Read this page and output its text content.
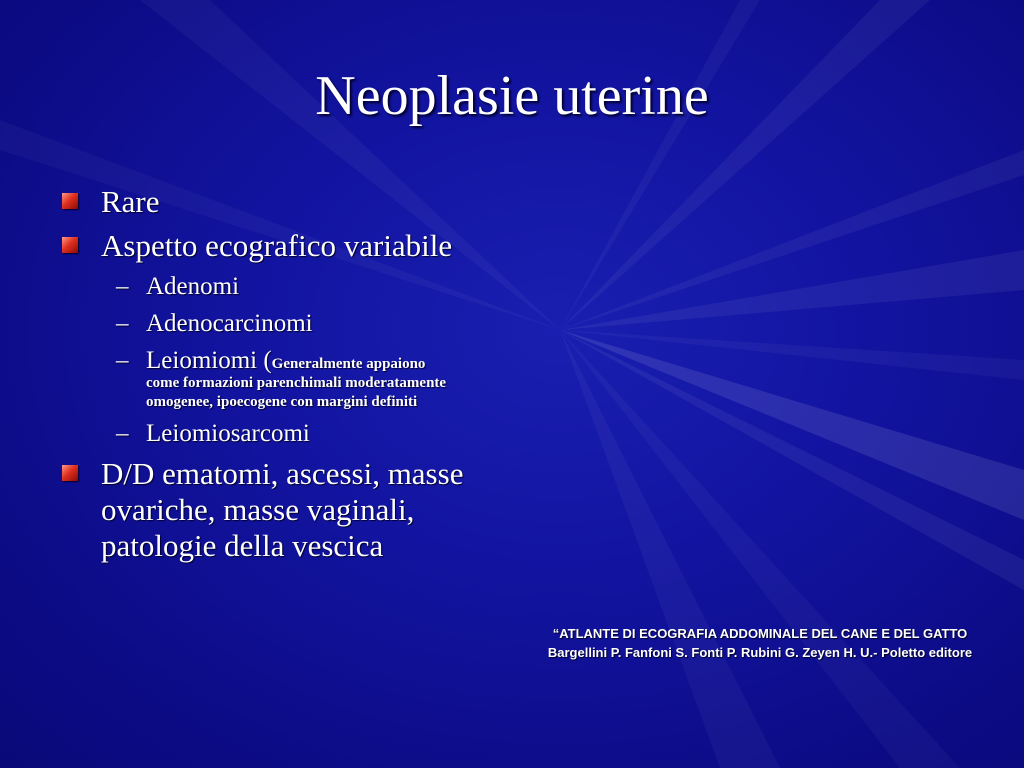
Neoplasie uterine
Rare
Aspetto ecografico variabile
– Adenomi
– Adenocarcinomi
– Leiomiomi (Generalmente appaiono
come formazioni parenchimali moderatamente omogenee, ipoecogene con margini definiti
– Leiomiosarcomi
D/D ematomi, ascessi, masse ovariche, masse vaginali, patologie della vescica
“ATLANTE DI ECOGRAFIA ADDOMINALE DEL CANE E DEL GATTO
Bargellini P. Fanfoni S. Fonti P. Rubini G. Zeyen H. U.- Poletto editore
